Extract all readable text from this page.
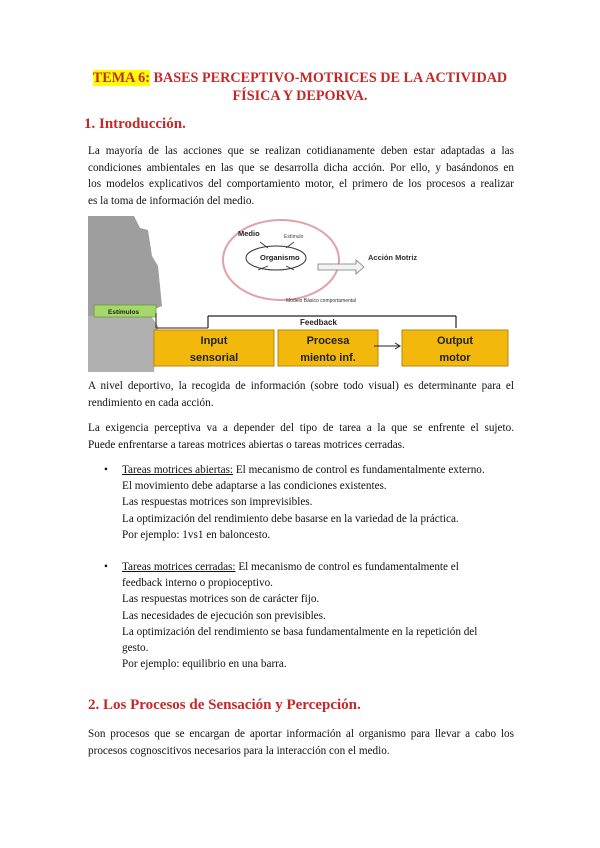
TEMA 6: BASES PERCEPTIVO-MOTRICES DE LA ACTIVIDAD
FÍSICA Y DEPORVA.
1. Introducción.
La mayoría de las acciones que se realizan cotidianamente deben estar adaptadas a las
condiciones ambientales en las que se desarrolla dicha acción. Por ello, y basándonos en
los modelos explicativos del comportamiento motor, el primero de los procesos a realizar
es la toma de información del medio.
Medio	Estímulo
Organismo	Acción Motriz
Modelo Básico comportamental
Estímulos
Feedback
Input
sensorial
Procesa
miento inf.
Output
motor
A nivel deportivo, la recogida de información (sobre todo visual) es determinante para el
rendimiento en cada acción.
La exigencia perceptiva va a depender del tipo de tarea a la que se enfrente el sujeto.
Puede enfrentarse a tareas motrices abiertas o tareas motrices cerradas.
• Tareas motrices abiertas: El mecanismo de control es fundamentalmente externo.
El movimiento debe adaptarse a las condiciones existentes.
Las respuestas motrices son imprevisibles.
La optimización del rendimiento debe basarse en la variedad de la práctica.
Por ejemplo: 1vs1 en baloncesto.
• Tareas motrices cerradas: El mecanismo de control es fundamentalmente el
feedback interno o propioceptivo.
Las respuestas motrices son de carácter fijo.
Las necesidades de ejecución son previsibles.
La optimización del rendimiento se basa fundamentalmente en la repetición del
gesto.
Por ejemplo: equilibrio en una barra.
2. Los Procesos de Sensación y Percepción.
Son procesos que se encargan de aportar información al organismo para llevar a cabo los
procesos cognoscitivos necesarios para la interacción con el medio.
